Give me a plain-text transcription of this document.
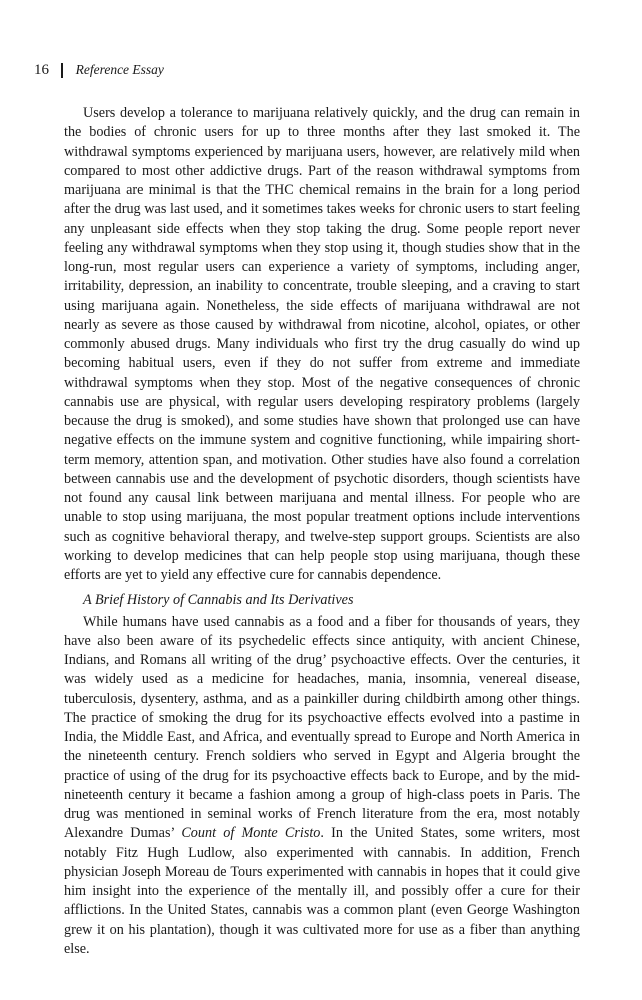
16 Reference Essay

Users develop a tolerance to marijuana relatively quickly, and the drug can remain in the bodies of chronic users for up to three months after they last smoked it. The withdrawal symptoms experienced by marijuana users, however, are relatively mild when compared to most other addictive drugs. Part of the reason withdrawal symptoms from marijuana are minimal is that the THC chemical remains in the brain for a long period after the drug was last used, and it sometimes takes weeks for chronic users to start feeling any unpleasant side effects when they stop taking the drug. Some people report never feeling any withdrawal symptoms when they stop using it, though studies show that in the long-run, most regular users can experience a variety of symptoms, including anger, irritability, depression, an inability to concentrate, trouble sleeping, and a craving to start using marijuana again. Nonetheless, the side effects of marijuana withdrawal are not nearly as severe as those caused by withdrawal from nicotine, alcohol, opiates, or other commonly abused drugs. Many individuals who first try the drug casually do wind up becoming habitual users, even if they do not suffer from extreme and immediate withdrawal symptoms when they stop. Most of the negative consequences of chronic cannabis use are physical, with regular users developing respiratory problems (largely because the drug is smoked), and some studies have shown that prolonged use can have negative effects on the immune system and cognitive functioning, while impairing short-term memory, attention span, and motivation. Other studies have also found a correlation between cannabis use and the development of psychotic disorders, though scientists have not found any causal link between marijuana and mental illness. For people who are unable to stop using marijuana, the most popular treatment options include interventions such as cognitive behavioral therapy, and twelve-step support groups. Scientists are also working to develop medicines that can help people stop using marijuana, though these efforts are yet to yield any effective cure for cannabis dependence.

A Brief History of Cannabis and Its Derivatives

While humans have used cannabis as a food and a fiber for thousands of years, they have also been aware of its psychedelic effects since antiquity, with ancient Chinese, Indians, and Romans all writing of the drug’ psychoactive effects. Over the centuries, it was widely used as a medicine for headaches, mania, insomnia, venereal disease, tuberculosis, dysentery, asthma, and as a painkiller during childbirth among other things. The practice of smoking the drug for its psychoactive effects evolved into a pastime in India, the Middle East, and Africa, and eventually spread to Europe and North America in the nineteenth century. French soldiers who served in Egypt and Algeria brought the practice of using of the drug for its psychoactive effects back to Europe, and by the mid-nineteenth century it became a fashion among a group of high-class poets in Paris. The drug was mentioned in seminal works of French literature from the era, most notably Alexandre Dumas’ Count of Monte Cristo. In the United States, some writers, most notably Fitz Hugh Ludlow, also experimented with cannabis. In addition, French physician Joseph Moreau de Tours experimented with cannabis in hopes that it could give him insight into the experience of the mentally ill, and possibly offer a cure for their afflictions. In the United States, cannabis was a common plant (even George Washington grew it on his plantation), though it was cultivated more for use as a fiber than anything else.
